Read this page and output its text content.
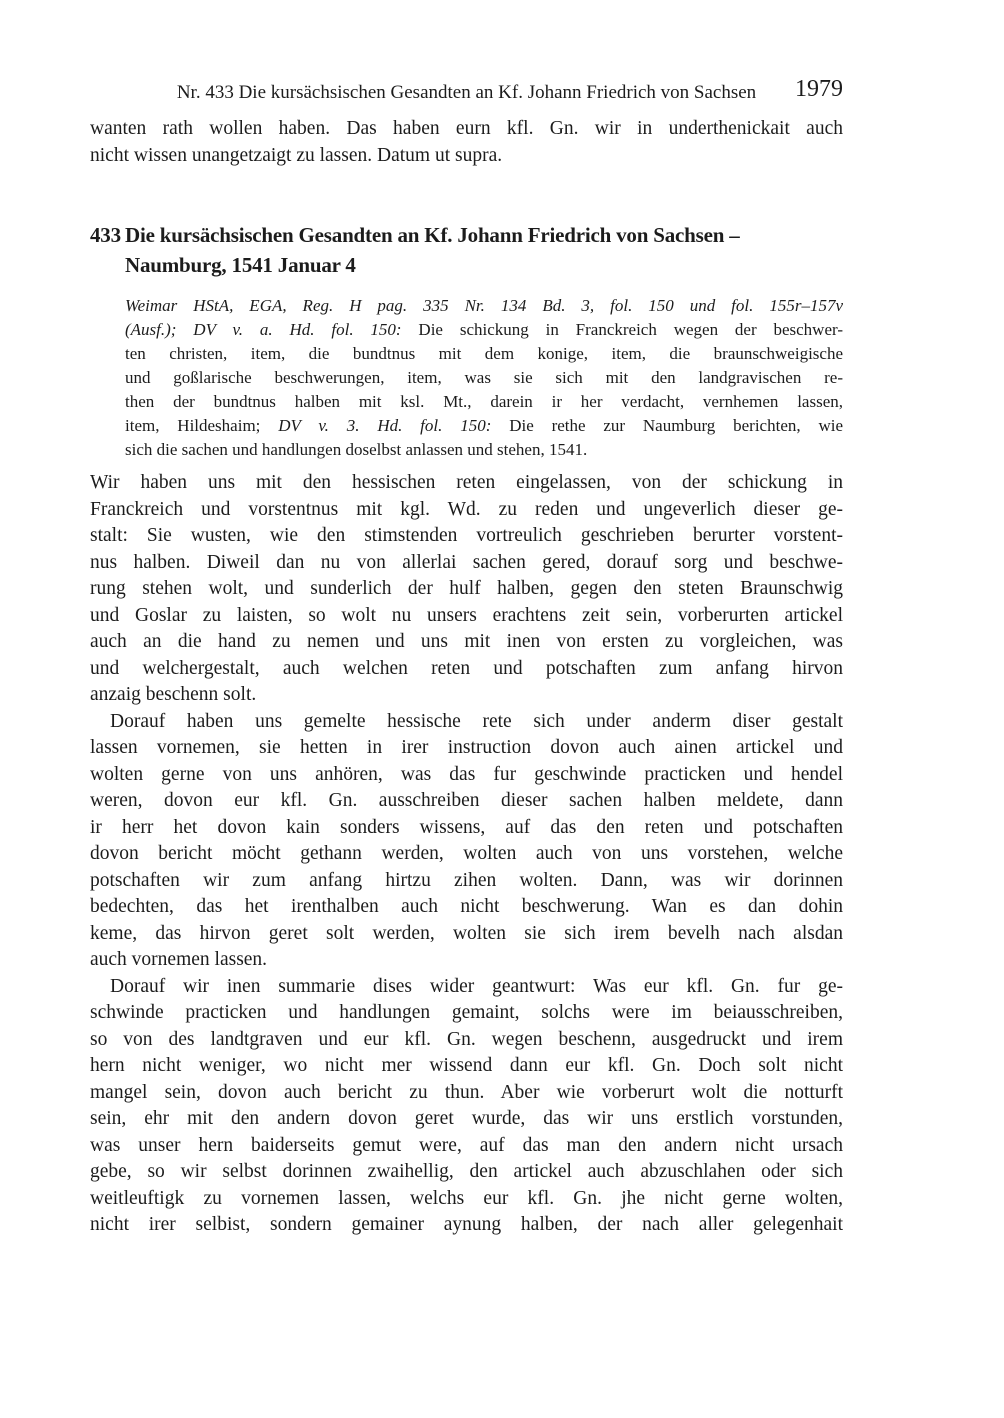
Nr. 433 Die kursächsischen Gesandten an Kf. Johann Friedrich von Sachsen 1979
wanten rath wollen haben. Das haben eurn kfl. Gn. wir in underthenickait auch
nicht wissen unangetzaigt zu lassen. Datum ut supra.
433 Die kursächsischen Gesandten an Kf. Johann Friedrich von Sachsen –
Naumburg, 1541 Januar 4
Weimar HStA, EGA, Reg. H pag. 335 Nr. 134 Bd. 3, fol. 150 und fol. 155r–157v
(Ausf.); DV v. a. Hd. fol. 150: Die schickung in Franckreich wegen der beschwer-
ten christen, item, die bundtnus mit dem konige, item, die braunschweigische
und goßlarische beschwerungen, item, was sie sich mit den landgravischen re-
then der bundtnus halben mit ksl. Mt., darein ir her verdacht, vernhemen lassen,
item, Hildeshaim; DV v. 3. Hd. fol. 150: Die rethe zur Naumburg berichten, wie
sich die sachen und handlungen doselbst anlassen und stehen, 1541.
Wir haben uns mit den hessischen reten eingelassen, von der schickung in
Franckreich und vorstentnus mit kgl. Wd. zu reden und ungeverlich dieser ge-
stalt: Sie wusten, wie den stimstenden vortreulich geschrieben berurter vorstent-
nus halben. Diweil dan nu von allerlai sachen gered, dorauf sorg und beschwe-
rung stehen wolt, und sunderlich der hulf halben, gegen den steten Braunschwig
und Goslar zu laisten, so wolt nu unsers erachtens zeit sein, vorberurten artickel
auch an die hand zu nemen und uns mit inen von ersten zu vorgleichen, was
und welchergestalt, auch welchen reten und potschaften zum anfang hirvon
anzaig beschenn solt.
Dorauf haben uns gemelte hessische rete sich under anderm diser gestalt
lassen vornemen, sie hetten in irer instruction dovon auch ainen artickel und
wolten gerne von uns anhören, was das fur geschwinde practicken und hendel
weren, dovon eur kfl. Gn. ausschreiben dieser sachen halben meldete, dann
ir herr het dovon kain sonders wissens, auf das den reten und potschaften
dovon bericht möcht gethann werden, wolten auch von uns vorstehen, welche
potschaften wir zum anfang hirtzu zihen wolten. Dann, was wir dorinnen
bedechten, das het irenthalben auch nicht beschwerung. Wan es dan dohin
keme, das hirvon geret solt werden, wolten sie sich irem bevelh nach alsdan
auch vornemen lassen.
Dorauf wir inen summarie dises wider geantwurt: Was eur kfl. Gn. fur ge-
schwinde practicken und handlungen gemaint, solchs were im beiausschreiben,
so von des landtgraven und eur kfl. Gn. wegen beschenn, ausgedruckt und irem
hern nicht weniger, wo nicht mer wissend dann eur kfl. Gn. Doch solt nicht
mangel sein, dovon auch bericht zu thun. Aber wie vorberurt wolt die notturft
sein, ehr mit den andern dovon geret wurde, das wir uns erstlich vorstunden,
was unser hern baiderseits gemut were, auf das man den andern nicht ursach
gebe, so wir selbst dorinnen zwaihellig, den artickel auch abzuschlahen oder sich
weitleuftigk zu vornemen lassen, welchs eur kfl. Gn. jhe nicht gerne wolten,
nicht irer selbist, sondern gemainer aynung halben, der nach aller gelegenhait
